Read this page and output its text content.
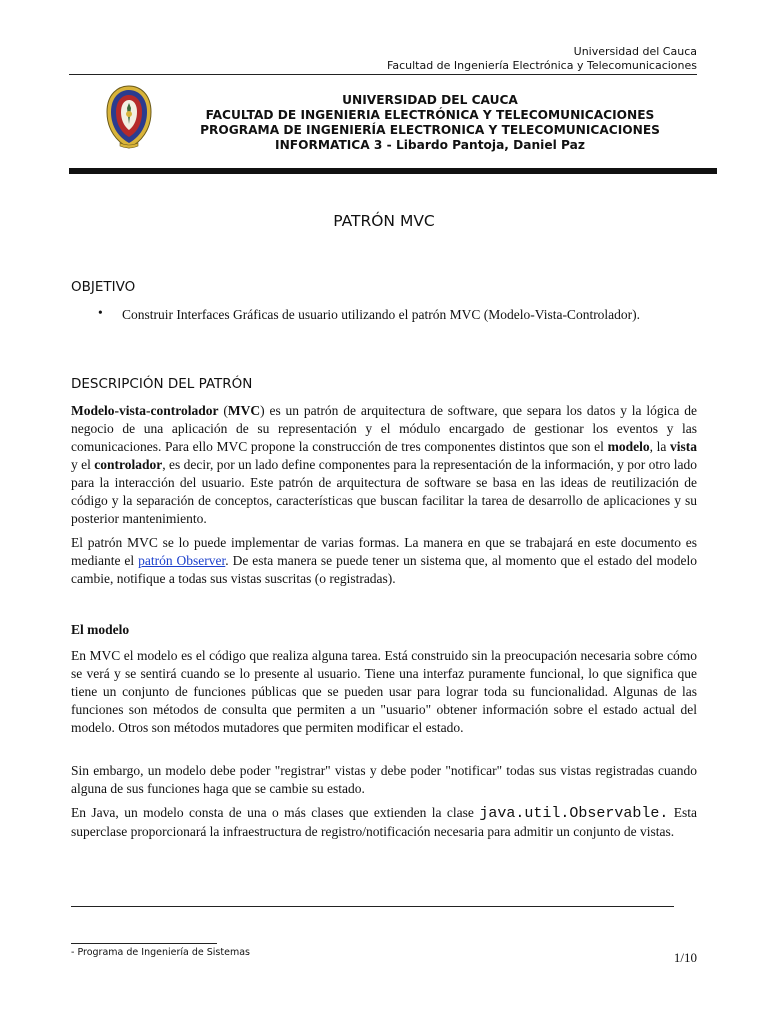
Universidad del Cauca
Facultad de Ingeniería Electrónica y Telecomunicaciones
UNIVERSIDAD DEL CAUCA
FACULTAD DE INGENIERIA ELECTRÓNICA Y TELECOMUNICACIONES
PROGRAMA DE INGENIERÍA ELECTRONICA Y TELECOMUNICACIONES
INFORMATICA 3 - Libardo Pantoja, Daniel Paz
PATRÓN MVC
OBJETIVO
• Construir Interfaces Gráficas de usuario utilizando el patrón MVC (Modelo-Vista-Controlador).
DESCRIPCIÓN DEL PATRÓN
Modelo-vista-controlador (MVC) es un patrón de arquitectura de software, que separa los datos y la lógica de negocio de una aplicación de su representación y el módulo encargado de gestionar los eventos y las comunicaciones. Para ello MVC propone la construcción de tres componentes distintos que son el modelo, la vista y el controlador, es decir, por un lado define componentes para la representación de la información, y por otro lado para la interacción del usuario. Este patrón de arquitectura de software se basa en las ideas de reutilización de código y la separación de conceptos, características que buscan facilitar la tarea de desarrollo de aplicaciones y su posterior mantenimiento.
El patrón MVC se lo puede implementar de varias formas. La manera en que se trabajará en este documento es mediante el patrón Observer. De esta manera se puede tener un sistema que, al momento que el estado del modelo cambie, notifique a todas sus vistas suscritas (o registradas).
El modelo
En MVC el modelo es el código que realiza alguna tarea. Está construido sin la preocupación necesaria sobre cómo se verá y se sentirá cuando se lo presente al usuario. Tiene una interfaz puramente funcional, lo que significa que tiene un conjunto de funciones públicas que se pueden usar para lograr toda su funcionalidad. Algunas de las funciones son métodos de consulta que permiten a un "usuario" obtener información sobre el estado actual del modelo. Otros son métodos mutadores que permiten modificar el estado.
Sin embargo, un modelo debe poder "registrar" vistas y debe poder "notificar" todas sus vistas registradas cuando alguna de sus funciones haga que se cambie su estado.
En Java, un modelo consta de una o más clases que extienden la clase java.util.Observable. Esta superclase proporcionará la infraestructura de registro/notificación necesaria para admitir un conjunto de vistas.
- Programa de Ingeniería de Sistemas	1/10
